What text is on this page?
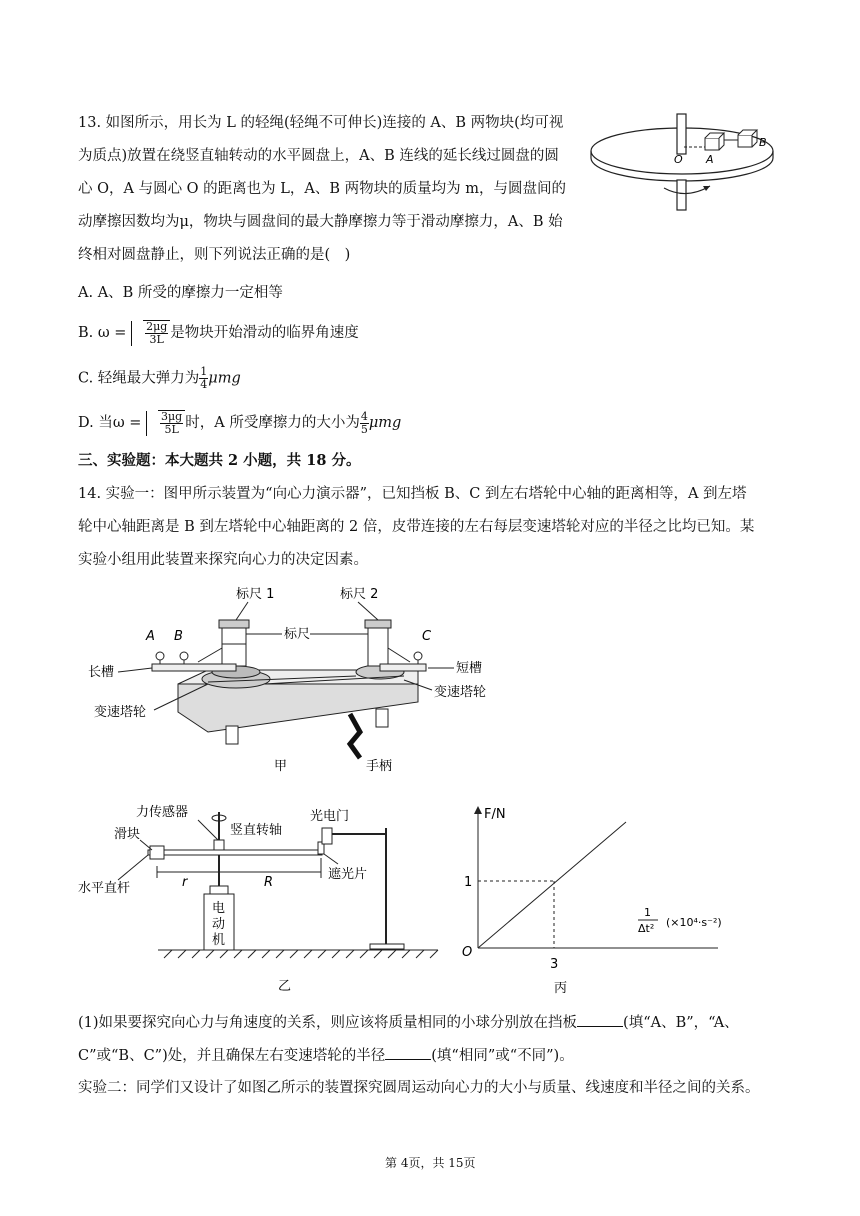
13. 如图所示，用长为 L 的轻绳(轻绳不可伸长)连接的 A、B 两物块(均可视
为质点)放置在绕竖直轴转动的水平圆盘上，A、B 连线的延长线过圆盘的圆
心 O，A 与圆心 O 的距离也为 L，A、B 两物块的质量均为 m，与圆盘间的
动摩擦因数均为μ，物块与圆盘间的最大静摩擦力等于滑动摩擦力，A、B 始
终相对圆盘静止，则下列说法正确的是(　)
O A
B
A. A、B 所受的摩擦力一定相等
B. $\omega = \frac{2\mu g}{3L}$ 是物块开始滑动的临界角速度
C. 轻绳最大弹力为 $\frac{1}{4}$ μmg
D. 当$\omega = \frac{3\mu g}{5L}$ 时，A 所受摩擦力的大小为 $\frac{4}{5}$ μmg
三、实验题：本大题共 2 小题，共 18 分。
14. 实验一：图甲所示装置为“向心力演示器”，已知挡板 B、C 到左右塔轮中心轴的距离相等，A 到左塔
轮中心轴距离是 B 到左塔轮中心轴距离的 2 倍，皮带连接的左右每层变速塔轮对应的半径之比均已知。某
实验小组用此装置来探究向心力的决定因素。
标尺 1	标尺 2
标尺
A B	C
长槽	短槽
变速塔轮
变速塔轮
手柄
甲
电
动
机
r	R
力传感器
竖直转轴
光电门
滑块
水平直杆
遮光片
乙
F/N
O
1
3
1
Δt² (×10⁴·s⁻²)
丙
(1)如果要探究向心力与角速度的关系，则应该将质量相同的小球分别放在挡板	(填“A、B”，“A、
C”或“B、C”)处，并且确保左右变速塔轮的半径	(填“相同”或“不同”)。
实验二：同学们又设计了如图乙所示的装置探究圆周运动向心力的大小与质量、线速度和半径之间的关系。
第 4页，共 15页
